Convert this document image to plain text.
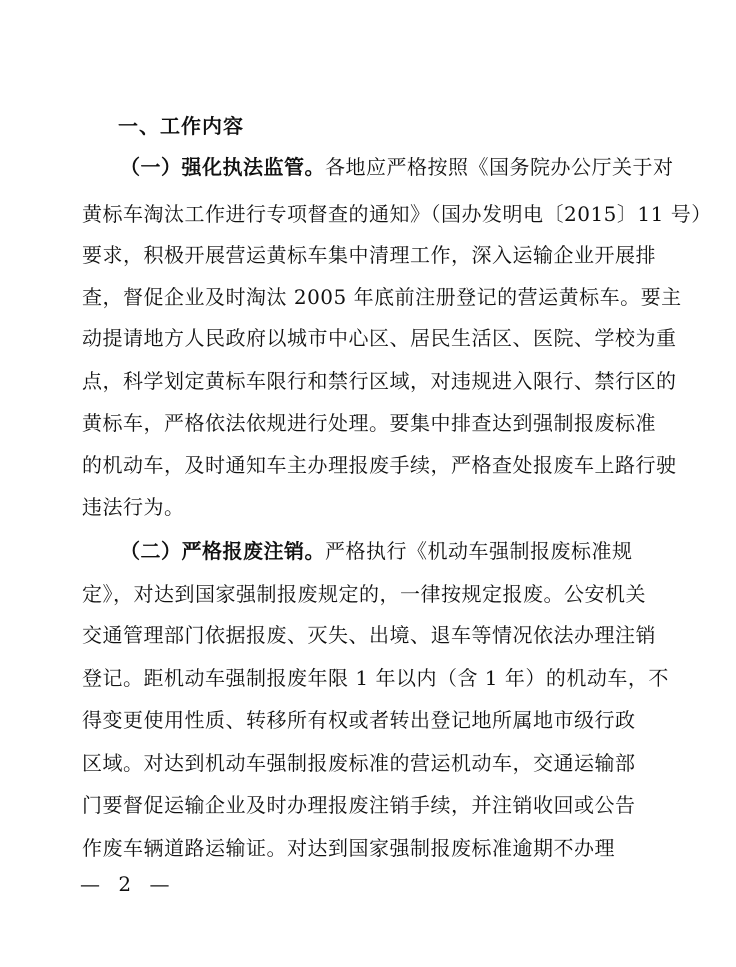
一、工作内容
（一）强化执法监管。各地应严格按照《国务院办公厅关于对
黄标车淘汰工作进行专项督查的通知》（国办发明电〔2015〕11 号）
要求，积极开展营运黄标车集中清理工作，深入运输企业开展排
查，督促企业及时淘汰 2005 年底前注册登记的营运黄标车。要主
动提请地方人民政府以城市中心区、居民生活区、医院、学校为重
点，科学划定黄标车限行和禁行区域，对违规进入限行、禁行区的
黄标车，严格依法依规进行处理。要集中排查达到强制报废标准
的机动车，及时通知车主办理报废手续，严格查处报废车上路行驶
违法行为。
（二）严格报废注销。严格执行《机动车强制报废标准规
定》，对达到国家强制报废规定的，一律按规定报废。公安机关
交通管理部门依据报废、灭失、出境、退车等情况依法办理注销
登记。距机动车强制报废年限 1 年以内（含 1 年）的机动车，不
得变更使用性质、转移所有权或者转出登记地所属地市级行政
区域。对达到机动车强制报废标准的营运机动车，交通运输部
门要督促运输企业及时办理报废注销手续，并注销收回或公告
作废车辆道路运输证。对达到国家强制报废标准逾期不办理
— 2 —
